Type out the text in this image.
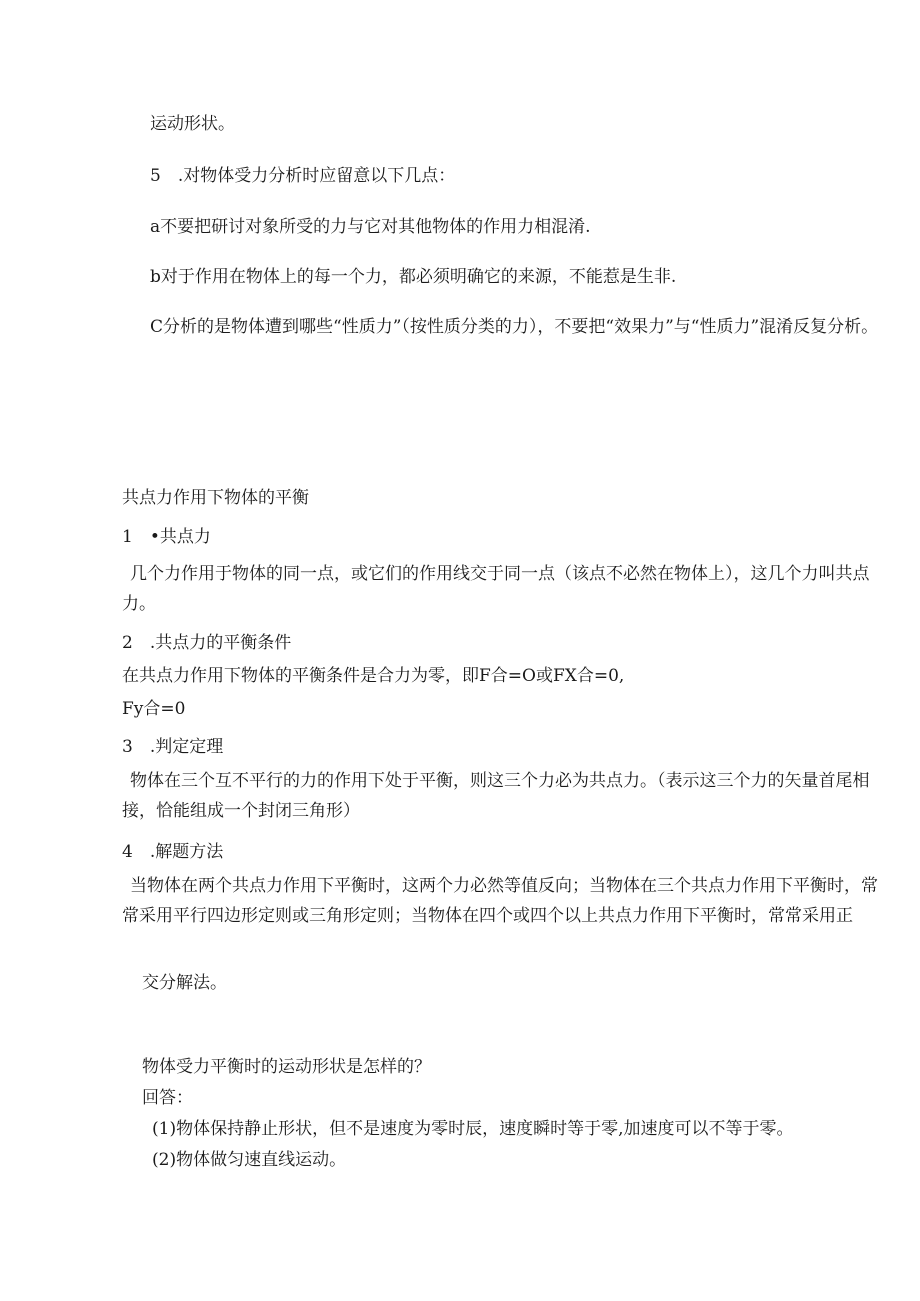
运动形状。
5　.对物体受力分析时应留意以下几点：
a不要把研讨对象所受的力与它对其他物体的作用力相混淆.
b对于作用在物体上的每一个力，都必须明确它的来源，不能惹是生非.
C分析的是物体遭到哪些“性质力”（按性质分类的力），不要把“效果力”与“性质力”混淆反复分析。
共点力作用下物体的平衡
1　•共点力
几个力作用于物体的同一点，或它们的作用线交于同一点（该点不必然在物体上），这几个力叫共点力。
2　.共点力的平衡条件
在共点力作用下物体的平衡条件是合力为零，即F合=O或FX合=0,
Fy合=0
3　.判定定理
物体在三个互不平行的力的作用下处于平衡，则这三个力必为共点力。（表示这三个力的矢量首尾相接，恰能组成一个封闭三角形）
4　.解题方法
当物体在两个共点力作用下平衡时，这两个力必然等值反向；当物体在三个共点力作用下平衡时，常常采用平行四边形定则或三角形定则；当物体在四个或四个以上共点力作用下平衡时，常常采用正
交分解法。
物体受力平衡时的运动形状是怎样的？
回答：
(1)物体保持静止形状，但不是速度为零时辰，速度瞬时等于零,加速度可以不等于零。
(2)物体做匀速直线运动。
